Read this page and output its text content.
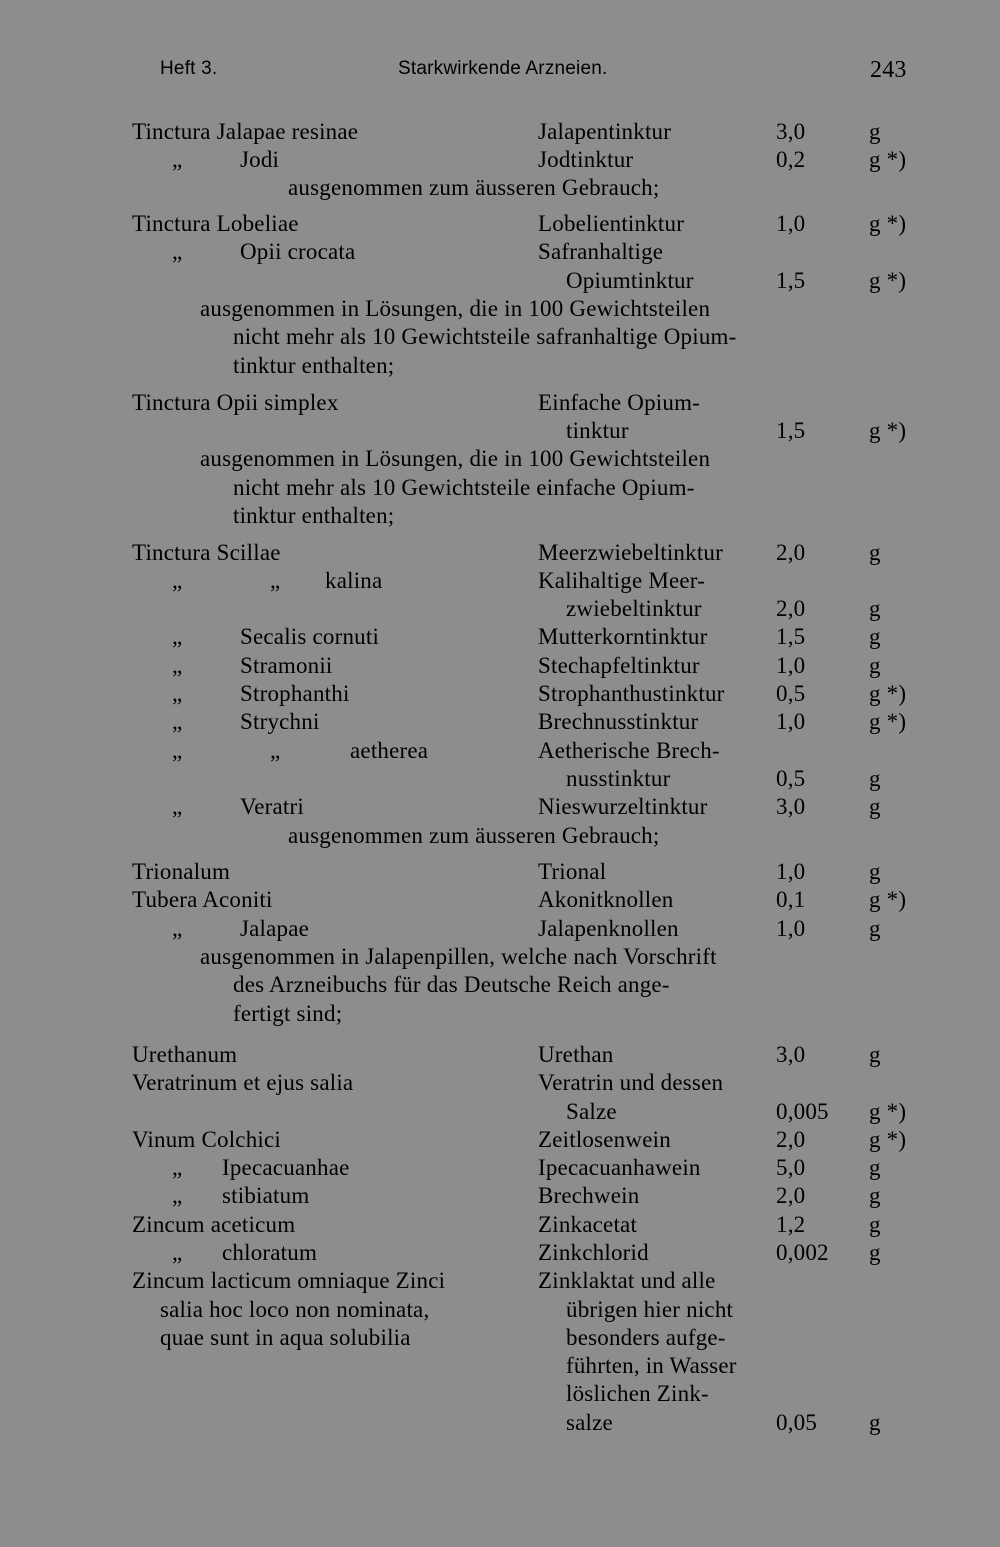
Heft 3.	Starkwirkende Arzneien.	243
Tinctura Jalapae resinae	Jalapentinktur	3,0	g
„	Jodi	Jodtinktur	0,2	g *)
ausgenommen zum äusseren Gebrauch;
Tinctura Lobeliae	Lobelientinktur	1,0	g *)
„	Opii crocata	Safranhaltige
Opiumtinktur	1,5	g *)
ausgenommen in Lösungen, die in 100 Gewichtsteilen
nicht mehr als 10 Gewichtsteile safranhaltige Opium-
tinktur enthalten;
Tinctura Opii simplex	Einfache Opium-
tinktur	1,5	g *)
ausgenommen in Lösungen, die in 100 Gewichtsteilen
nicht mehr als 10 Gewichtsteile einfache Opium-
tinktur enthalten;
Tinctura Scillae	Meerzwiebeltinktur 2,0	g
„	„ kalina	Kalihaltige Meer-
zwiebeltinktur	2,0	g
„	Secalis cornuti	Mutterkorntinktur	1,5	g
„	Stramonii	Stechapfeltinktur	1,0	g
„	Strophanthi	Strophanthustinktur 0,5	g *)
„	Strychni	Brechnusstinktur	1,0	g *)
„	„	aetherea	Aetherische Brech-
nusstinktur	0,5	g
„	Veratri	Nieswurzeltinktur	3,0	g
ausgenommen zum äusseren Gebrauch;
Trionalum	Trional	1,0	g
Tubera Aconiti	Akonitknollen	0,1	g *)
„	Jalapae	Jalapenknollen	1,0	g
ausgenommen in Jalapenpillen, welche nach Vorschrift
des Arzneibuchs für das Deutsche Reich ange-
fertigt sind;
Urethanum	Urethan	3,0	g
Veratrinum et ejus salia	Veratrin und dessen
Salze	0,005 g *)
Vinum Colchici	Zeitlosenwein	2,0	g *)
„ Ipecacuanhae	Ipecacuanhawein	5,0	g
„ stibiatum	Brechwein	2,0	g
Zincum aceticum	Zinkacetat	1,2	g
„ chloratum	Zinkchlorid	0,002 g
Zincum lacticum omniaque Zinci	Zinklaktat und alle
salia hoc loco non nominata,	übrigen hier nicht
quae sunt in aqua solubilia	besonders aufge-
führten, in Wasser
löslichen Zink-
salze	0,05 g
